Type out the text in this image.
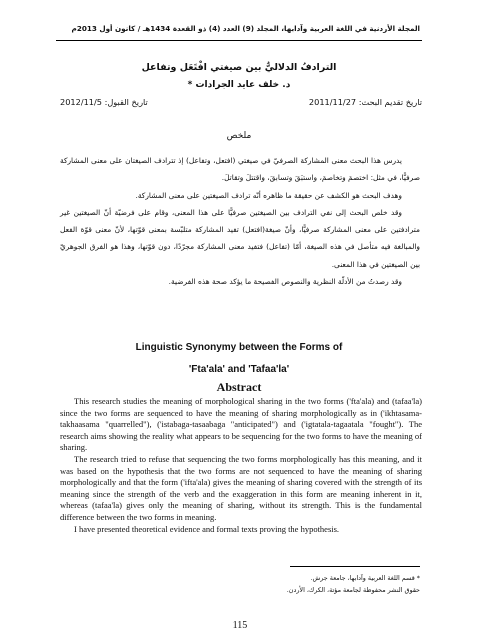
المجلة الأردنية في اللغة العربية وآدابها، المجلد (9) العدد (4) ذو القعدة 1434هـ / كانون أول 2013م
الترادفُ الدلاليُّ بين صيغتي افْتَعَل وتفاعل
د. خلف عايد الجرادات *
تاريخ تقديم البحث: 2011/11/27
تاريخ القبول: 2012/11/5
ملخص

يدرس هذا البحث معنى المشاركة الصرفيّ في صيغتي (افتعل، وتفاعل) إذ تترادف الصيغتان على معنى المشاركة صرفيًّا، في مثل: اختصمَ وتخاصمَ، واستبَقَ وتسابقَ، واقتتلَ وتقاتلَ.

وهدف البحث هو الكشف عن حقيقة ما ظاهره أنّه ترادف الصيغتين على معنى المشاركة.

وقد خلص البحث إلى نفي الترادف بين الصيغتين صرفيًّا على هذا المعنى، وقام على فرضيّة أنّ الصيغتين غير مترادفتين على معنى المشاركة صرفيًّا، وأنّ صيغة(افتعل) تفيد المشاركة متلبّسة بمعنى قوّتها، لأنّ معنى قوّة الفعل والمبالغة فيه متأصل في هذه الصيغة، أمّا (تفاعل) فتفيد معنى المشاركة مجرّدًا، دون قوّتها، وهذا هو الفرق الجوهريّ بين الصيغتين في هذا المعنى.

وقد رصدتُ من الأدلّة النظرية والنصوص الفصيحة ما يؤكد صحة هذه الفرضية.

Linguistic Synonymy between the Forms of
'Fta'ala' and 'Tafaa'la'
Abstract

This research studies the meaning of morphological sharing in the two forms ('fta'ala) and (tafaa'la) since the two forms are sequenced to have the meaning of sharing morphologically as in ('ikhtasama-takhaasama "quarrelled"), ('istabaga-tasaabaga "anticipated") and ('igtatala-tagaatala "fought"). The research aims showing the reality what appears to be sequencing for the two forms to have the meaning of sharing.

The research tried to refuse that sequencing the two forms morphologically has this meaning, and it was based on the hypothesis that the two forms are not sequenced to have the meaning of sharing morphologically and that the form ('ifta'ala) gives the meaning of sharing covered with the strength of its meaning since the strength of the verb and the exaggeration in this form are meaning inherent in it, whereas (tafaa'la) gives only the meaning of sharing, without its strength. This is the fundamental difference between the two forms in meaning.

I have presented theoretical evidence and formal texts proving the hypothesis.

* قسم اللغة العربية وآدابها، جامعة جرش.
حقوق النشر محفوظة لجامعة مؤتة، الكرك، الأردن.
115
